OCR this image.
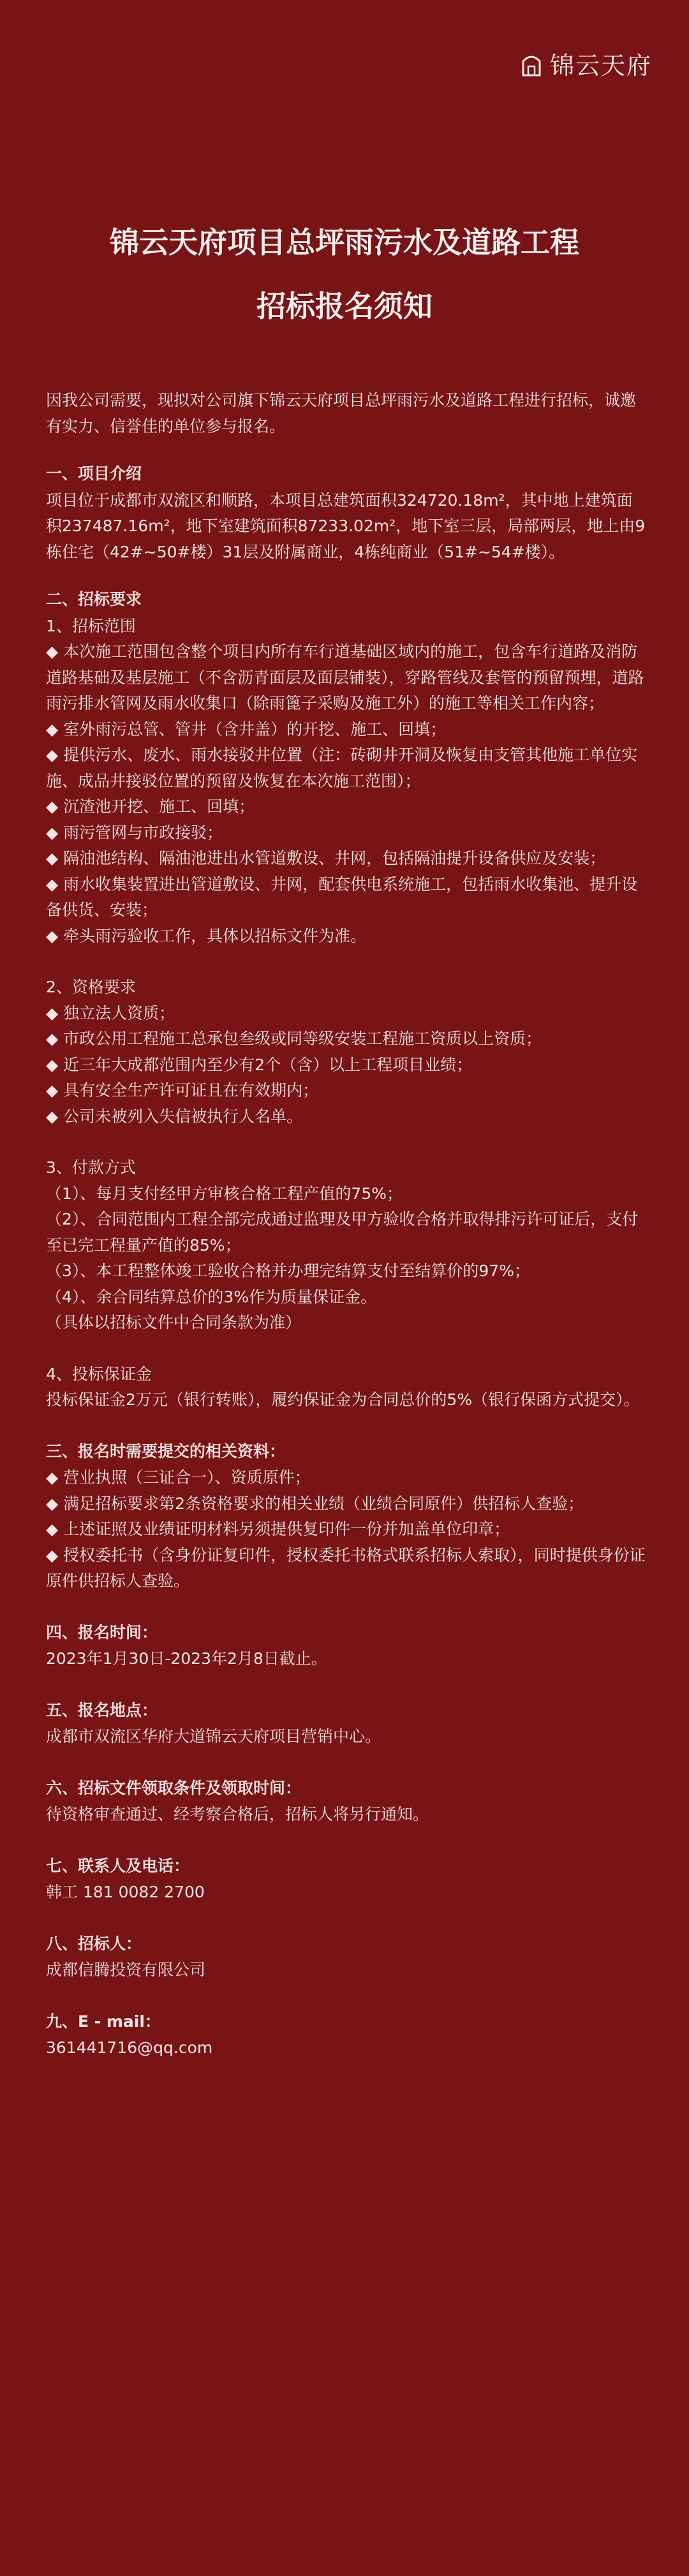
锦云天府
锦云天府项目总坪雨污水及道路工程
招标报名须知

因我公司需要，现拟对公司旗下锦云天府项目总坪雨污水及道路工程进行招标，诚邀有实力、信誉佳的单位参与报名。

一、项目介绍

项目位于成都市双流区和顺路，本项目总建筑面积324720.18m²，其中地上建筑面积237487.16m²，地下室建筑面积87233.02m²，地下室三层，局部两层，地上由9栋住宅（42#~50#楼）31层及附属商业，4栋纯商业（51#~54#楼）。

二、招标要求

1、招标范围

◆ 本次施工范围包含整个项目内所有车行道基础区域内的施工，包含车行道路及消防道路基础及基层施工（不含沥青面层及面层铺装），穿路管线及套管的预留预埋，道路雨污排水管网及雨水收集口（除雨篦子采购及施工外）的施工等相关工作内容；

◆ 室外雨污总管、管井（含井盖）的开挖、施工、回填；

◆ 提供污水、废水、雨水接驳井位置（注：砖砌井开洞及恢复由支管其他施工单位实施、成品井接驳位置的预留及恢复在本次施工范围）；

◆ 沉渣池开挖、施工、回填；

◆ 雨污管网与市政接驳；

◆ 隔油池结构、隔油池进出水管道敷设、井网，包括隔油提升设备供应及安装；

◆ 雨水收集装置进出管道敷设、井网，配套供电系统施工，包括雨水收集池、提升设备供货、安装；

◆ 牵头雨污验收工作，具体以招标文件为准。

2、资格要求

◆ 独立法人资质；

◆ 市政公用工程施工总承包叁级或同等级安装工程施工资质以上资质；

◆ 近三年大成都范围内至少有2个（含）以上工程项目业绩；

◆ 具有安全生产许可证且在有效期内；

◆ 公司未被列入失信被执行人名单。

3、付款方式

（1）、每月支付经甲方审核合格工程产值的75%；

（2）、合同范围内工程全部完成通过监理及甲方验收合格并取得排污许可证后，支付至已完工程量产值的85%；

（3）、本工程整体竣工验收合格并办理完结算支付至结算价的97%；

（4）、余合同结算总价的3%作为质量保证金。

（具体以招标文件中合同条款为准）

4、投标保证金

投标保证金2万元（银行转账），履约保证金为合同总价的5%（银行保函方式提交）。

三、报名时需要提交的相关资料：

◆ 营业执照（三证合一）、资质原件；

◆ 满足招标要求第2条资格要求的相关业绩（业绩合同原件）供招标人查验；

◆ 上述证照及业绩证明材料另须提供复印件一份并加盖单位印章；

◆ 授权委托书（含身份证复印件，授权委托书格式联系招标人索取），同时提供身份证原件供招标人查验。

四、报名时间：

2023年1月30日-2023年2月8日截止。

五、报名地点：

成都市双流区华府大道锦云天府项目营销中心。

六、招标文件领取条件及领取时间：

待资格审查通过、经考察合格后，招标人将另行通知。

七、联系人及电话：

韩工 181 0082 2700

八、招标人：

成都信腾投资有限公司

九、E - mail：

361441716@qq.com
